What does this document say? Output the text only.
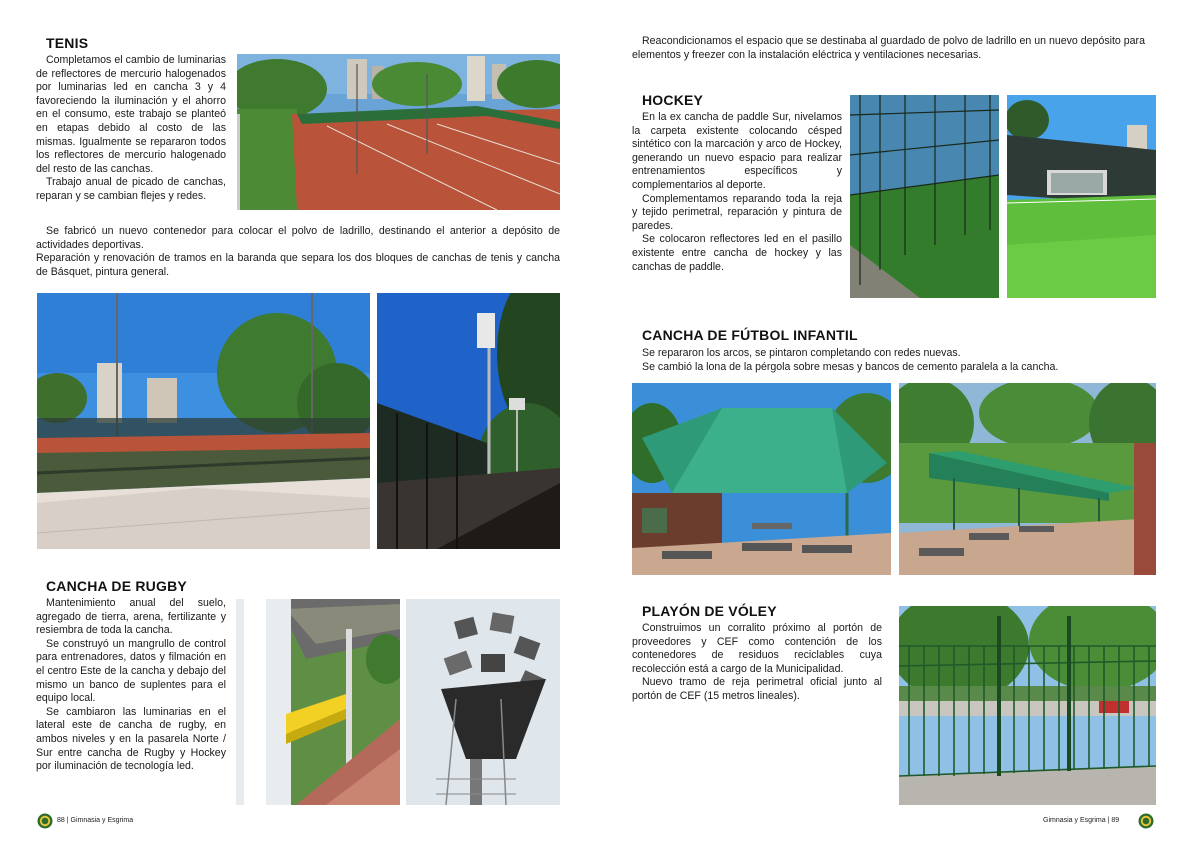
TENIS

Completamos el cambio de luminarias de reflectores de mercurio halogenados por luminarias led en cancha 3 y 4 favoreciendo la iluminación y el ahorro en el consumo, este trabajo se planteó en etapas debido al costo de las mismas. Igualmente se repararon todos los reflectores de mercurio halogenado del resto de las canchas.

Trabajo anual de picado de canchas, reparan y se cambian flejes y redes.

Se fabricó un nuevo contenedor para colocar el polvo de ladrillo, destinando el anterior a depósito de actividades deportivas.

Reparación y renovación de tramos en la baranda que separa los dos bloques de canchas de tenis y cancha de Básquet, pintura general.

CANCHA DE RUGBY

Mantenimiento anual del suelo, agregado de tierra, arena, fertilizante y resiembra de toda la cancha.

Se construyó un mangrullo de control para entrenadores, datos y filmación en el centro Este de la cancha y debajo del mismo un banco de suplentes para el equipo local.

Se cambiaron las luminarias en el lateral este de cancha de rugby, en ambos niveles y en la pasarela Norte / Sur entre cancha de Rugby y Hockey por iluminación de tecnología led.

88 | Gimnasia y Esgrima

Reacondicionamos el espacio que se destinaba al guardado de polvo de ladrillo en un nuevo depósito para elementos y freezer con la instalación eléctrica y ventilaciones necesarias.

HOCKEY

En la ex cancha de paddle Sur, nivelamos la carpeta existente colocando césped sintético con la marcación y arco de Hockey, generando un nuevo espacio para realizar entrenamientos específicos y complementarios al deporte.

Complementamos reparando toda la reja y tejido perimetral, reparación y pintura de paredes.

Se colocaron reflectores led en el pasillo existente entre cancha de hockey y las canchas de paddle.

CANCHA DE FÚTBOL INFANTIL

Se repararon los arcos, se pintaron completando con redes nuevas.

Se cambió la lona de la pérgola sobre mesas y bancos de cemento paralela a la cancha.

PLAYÓN DE VÓLEY

Construimos un corralito próximo al portón de proveedores y CEF como contención de los contenedores de residuos reciclables cuya recolección está a cargo de la Municipalidad.

Nuevo tramo de reja perimetral oficial junto al portón de CEF (15 metros lineales).

Gimnasia y Esgrima | 89
